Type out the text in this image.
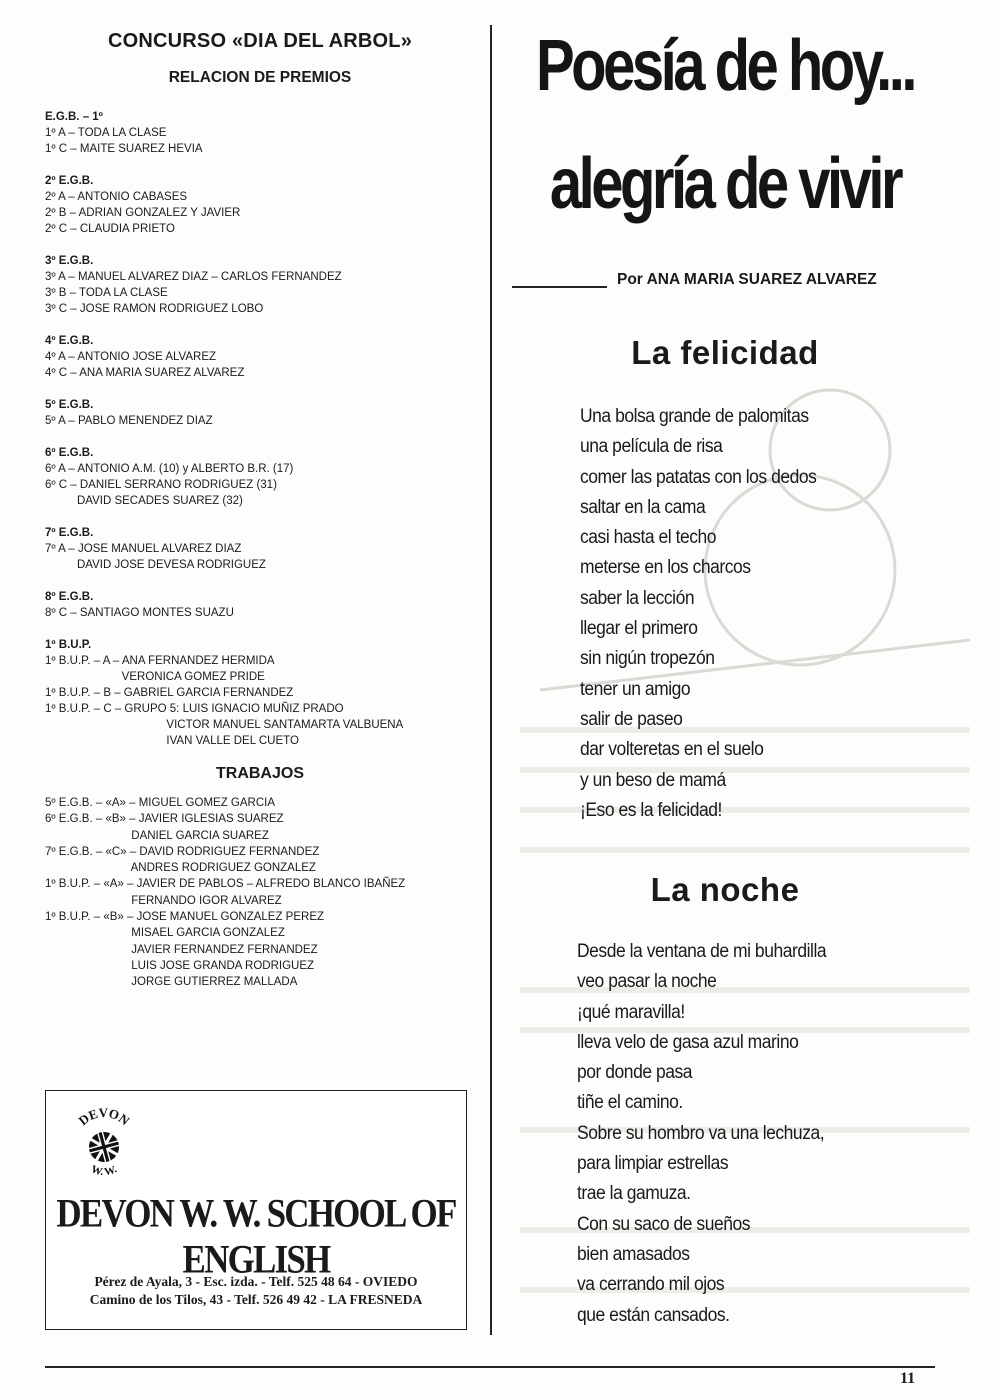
CONCURSO «DIA DEL ARBOL»
RELACION DE PREMIOS
E.G.B. – 1º
1º A – TODA LA CLASE
1º C – MAITE SUAREZ HEVIA
2º E.G.B.
2º A – ANTONIO CABASES
2º B – ADRIAN GONZALEZ Y JAVIER
2º C – CLAUDIA PRIETO
3º E.G.B.
3º A – MANUEL ALVAREZ DIAZ – CARLOS FERNANDEZ
3º B – TODA LA CLASE
3º C – JOSE RAMON RODRIGUEZ LOBO
4º E.G.B.
4º A – ANTONIO JOSE ALVAREZ
4º C – ANA MARIA SUAREZ ALVAREZ
5º E.G.B.
5º A – PABLO MENENDEZ DIAZ
6º E.G.B.
6º A – ANTONIO A.M. (10) y ALBERTO B.R. (17)
6º C – DANIEL SERRANO RODRIGUEZ (31)
DAVID SECADES SUAREZ (32)
7º E.G.B.
7º A – JOSE MANUEL ALVAREZ DIAZ
DAVID JOSE DEVESA RODRIGUEZ
8º E.G.B.
8º C – SANTIAGO MONTES SUAZU
1º B.U.P.
1º B.U.P. – A – ANA FERNANDEZ HERMIDA
VERONICA GOMEZ PRIDE
1º B.U.P. – B – GABRIEL GARCIA FERNANDEZ
1º B.U.P. – C – GRUPO 5: LUIS IGNACIO MUÑIZ PRADO
VICTOR MANUEL SANTAMARTA VALBUENA
IVAN VALLE DEL CUETO
TRABAJOS
5º E.G.B. – «A» – MIGUEL GOMEZ GARCIA
6º E.G.B. – «B» – JAVIER IGLESIAS SUAREZ
DANIEL GARCIA SUAREZ
7º E.G.B. – «C» – DAVID RODRIGUEZ FERNANDEZ
ANDRES RODRIGUEZ GONZALEZ
1º B.U.P. – «A» – JAVIER DE PABLOS – ALFREDO BLANCO IBAÑEZ
FERNANDO IGOR ALVAREZ
1º B.U.P. – «B» – JOSE MANUEL GONZALEZ PEREZ
MISAEL GARCIA GONZALEZ
JAVIER FERNANDEZ FERNANDEZ
LUIS JOSE GRANDA RODRIGUEZ
JORGE GUTIERREZ MALLADA
DEVON
W. W.
DEVON W. W. SCHOOL OF ENGLISH
Pérez de Ayala, 3 - Esc. izda. - Telf. 525 48 64 - OVIEDO
Camino de los Tilos, 43 - Telf. 526 49 42 - LA FRESNEDA
11
Poesía de hoy...
alegría de vivir
Por ANA MARIA SUAREZ ALVAREZ
La felicidad
Una bolsa grande de palomitas
una película de risa
comer las patatas con los dedos
saltar en la cama
casi hasta el techo
meterse en los charcos
saber la lección
llegar el primero
sin nigún tropezón
tener un amigo
salir de paseo
dar volteretas en el suelo
y un beso de mamá
¡Eso es la felicidad!
La noche
Desde la ventana de mi buhardilla
veo pasar la noche
¡qué maravilla!
lleva velo de gasa azul marino
por donde pasa
tiñe el camino.
Sobre su hombro va una lechuza,
para limpiar estrellas
trae la gamuza.
Con su saco de sueños
bien amasados
va cerrando mil ojos
que están cansados.
